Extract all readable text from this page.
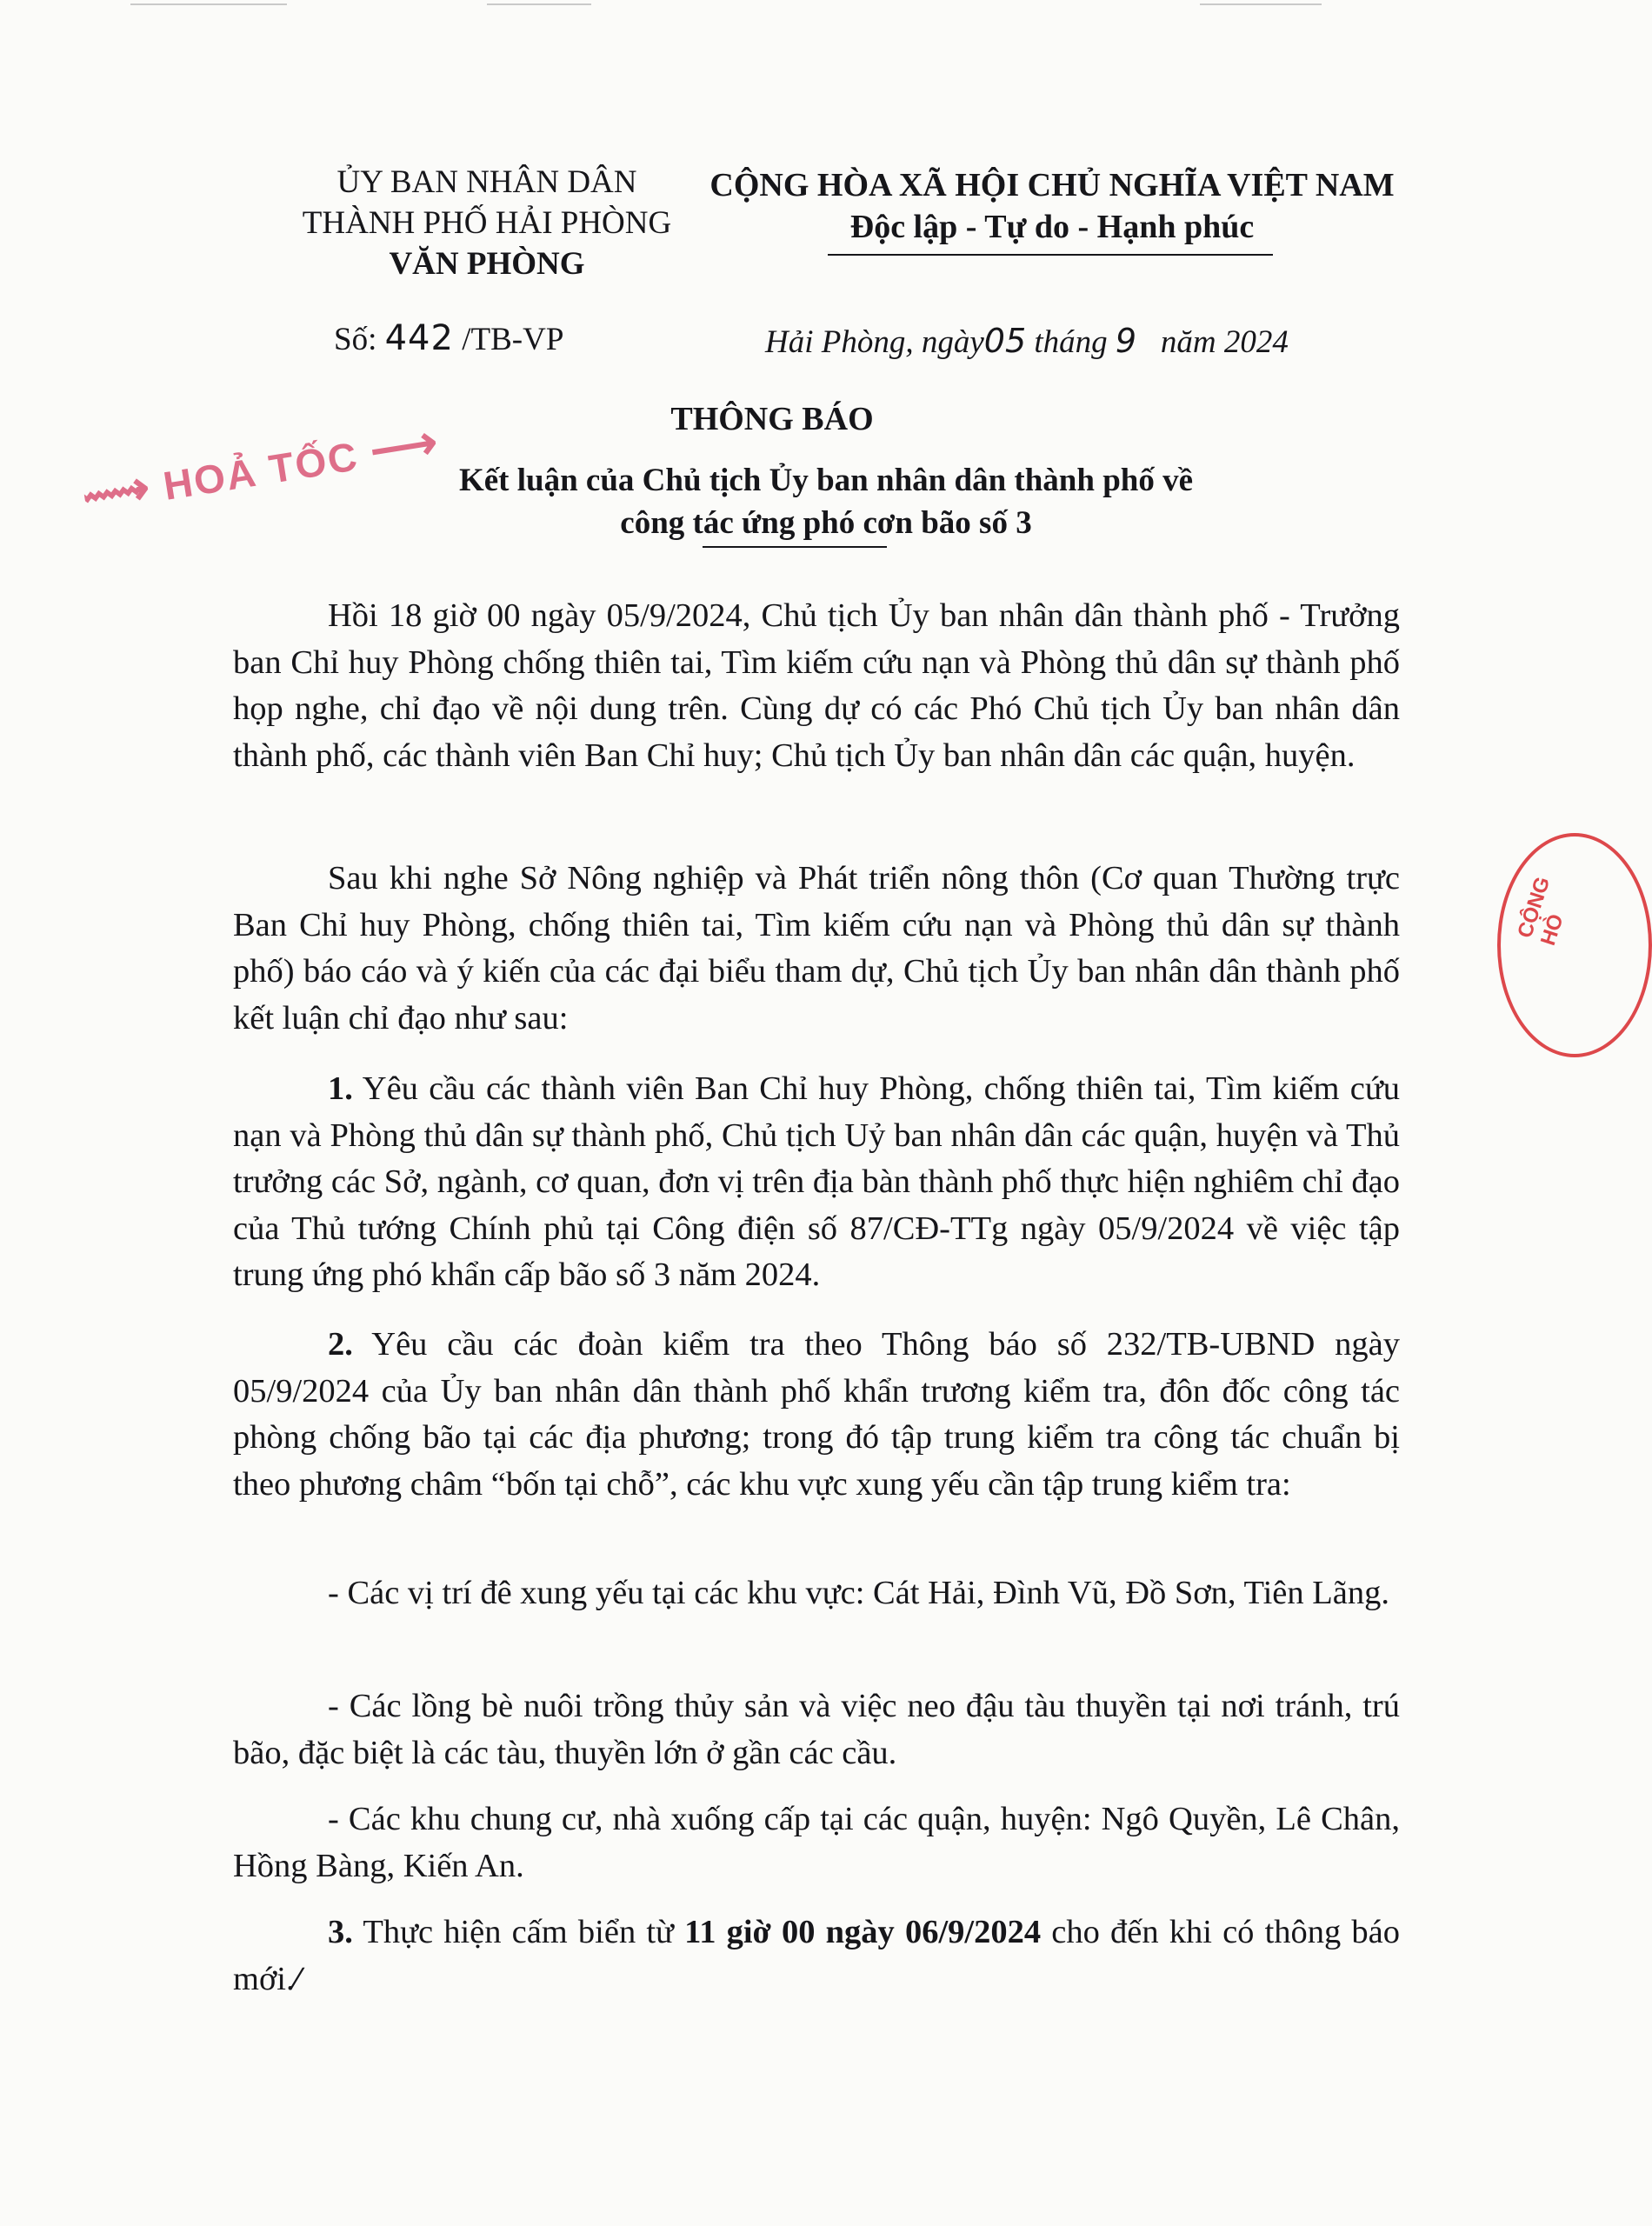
ỦY BAN NHÂN DÂN
THÀNH PHỐ HẢI PHÒNG
VĂN PHÒNG
CỘNG HÒA XÃ HỘI CHỦ NGHĨA VIỆT NAM
Độc lập - Tự do - Hạnh phúc
Số: 442 /TB-VP	Hải Phòng, ngày05 tháng 9 năm 2024
THÔNG BÁO
⟿ HOẢ TỐC ⟶
Kết luận của Chủ tịch Ủy ban nhân dân thành phố về
công tác ứng phó cơn bão số 3
CỘNG HÒ
Hồi 18 giờ 00 ngày 05/9/2024, Chủ tịch Ủy ban nhân dân thành phố - Trưởng ban Chỉ huy Phòng chống thiên tai, Tìm kiếm cứu nạn và Phòng thủ dân sự thành phố họp nghe, chỉ đạo về nội dung trên. Cùng dự có các Phó Chủ tịch Ủy ban nhân dân thành phố, các thành viên Ban Chỉ huy; Chủ tịch Ủy ban nhân dân các quận, huyện.
Sau khi nghe Sở Nông nghiệp và Phát triển nông thôn (Cơ quan Thường trực Ban Chỉ huy Phòng, chống thiên tai, Tìm kiếm cứu nạn và Phòng thủ dân sự thành phố) báo cáo và ý kiến của các đại biểu tham dự, Chủ tịch Ủy ban nhân dân thành phố kết luận chỉ đạo như sau:
1. Yêu cầu các thành viên Ban Chỉ huy Phòng, chống thiên tai, Tìm kiếm cứu nạn và Phòng thủ dân sự thành phố, Chủ tịch Uỷ ban nhân dân các quận, huyện và Thủ trưởng các Sở, ngành, cơ quan, đơn vị trên địa bàn thành phố thực hiện nghiêm chỉ đạo của Thủ tướng Chính phủ tại Công điện số 87/CĐ-TTg ngày 05/9/2024 về việc tập trung ứng phó khẩn cấp bão số 3 năm 2024.
2. Yêu cầu các đoàn kiểm tra theo Thông báo số 232/TB-UBND ngày 05/9/2024 của Ủy ban nhân dân thành phố khẩn trương kiểm tra, đôn đốc công tác phòng chống bão tại các địa phương; trong đó tập trung kiểm tra công tác chuẩn bị theo phương châm “bốn tại chỗ”, các khu vực xung yếu cần tập trung kiểm tra:
- Các vị trí đê xung yếu tại các khu vực: Cát Hải, Đình Vũ, Đồ Sơn, Tiên Lãng.
- Các lồng bè nuôi trồng thủy sản và việc neo đậu tàu thuyền tại nơi tránh, trú bão, đặc biệt là các tàu, thuyền lớn ở gần các cầu.
- Các khu chung cư, nhà xuống cấp tại các quận, huyện: Ngô Quyền, Lê Chân, Hồng Bàng, Kiến An.
3. Thực hiện cấm biển từ 11 giờ 00 ngày 06/9/2024 cho đến khi có thông báo mới.⁄
